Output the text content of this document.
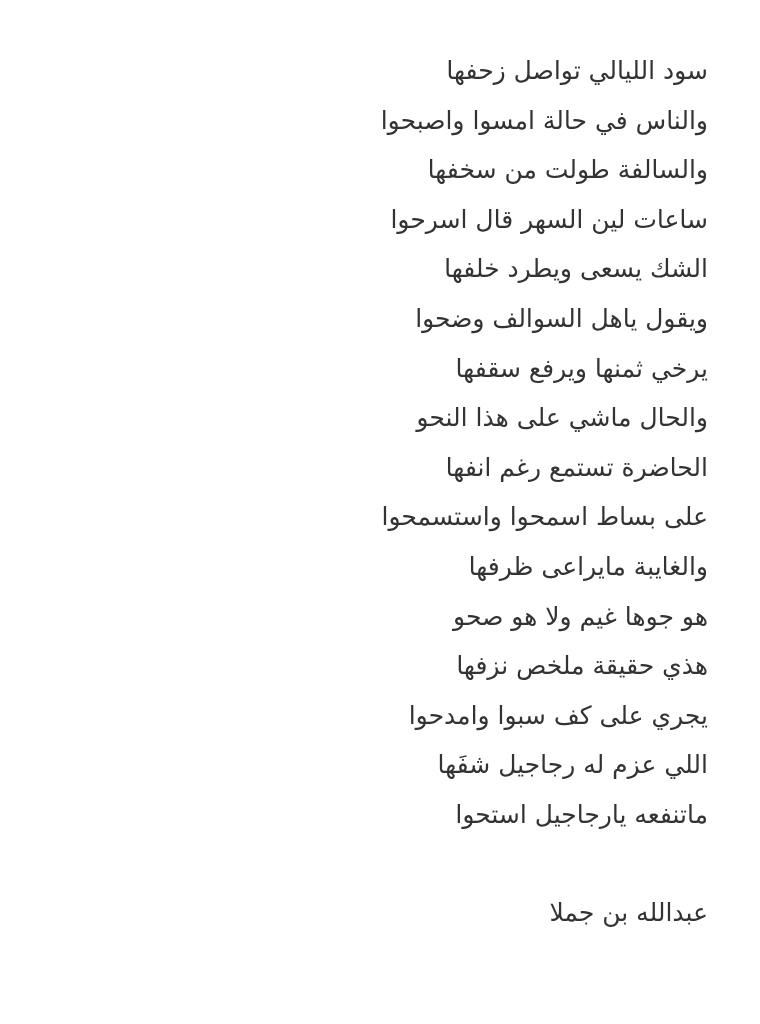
سود الليالي تواصل زحفها
والناس في حالة امسوا واصبحوا
والسالفة طولت من سخفها
ساعات لين السهر قال اسرحوا
الشك يسعى ويطرد خلفها
ويقول ياهل السوالف وضحوا
يرخي ثمنها ويرفع سقفها
والحال ماشي على هذا النحو
الحاضرة تستمع رغم انفها
على بساط اسمحوا واستسمحوا
والغايبة مايراعى ظرفها
هو جوها غيم ولا هو صحو
هذي حقيقة ملخص نزفها
يجري على كف سبوا وامدحوا
اللي عزم له رجاجيل شفَها
ماتنفعه يارجاجيل استحوا
عبدالله بن جملا
